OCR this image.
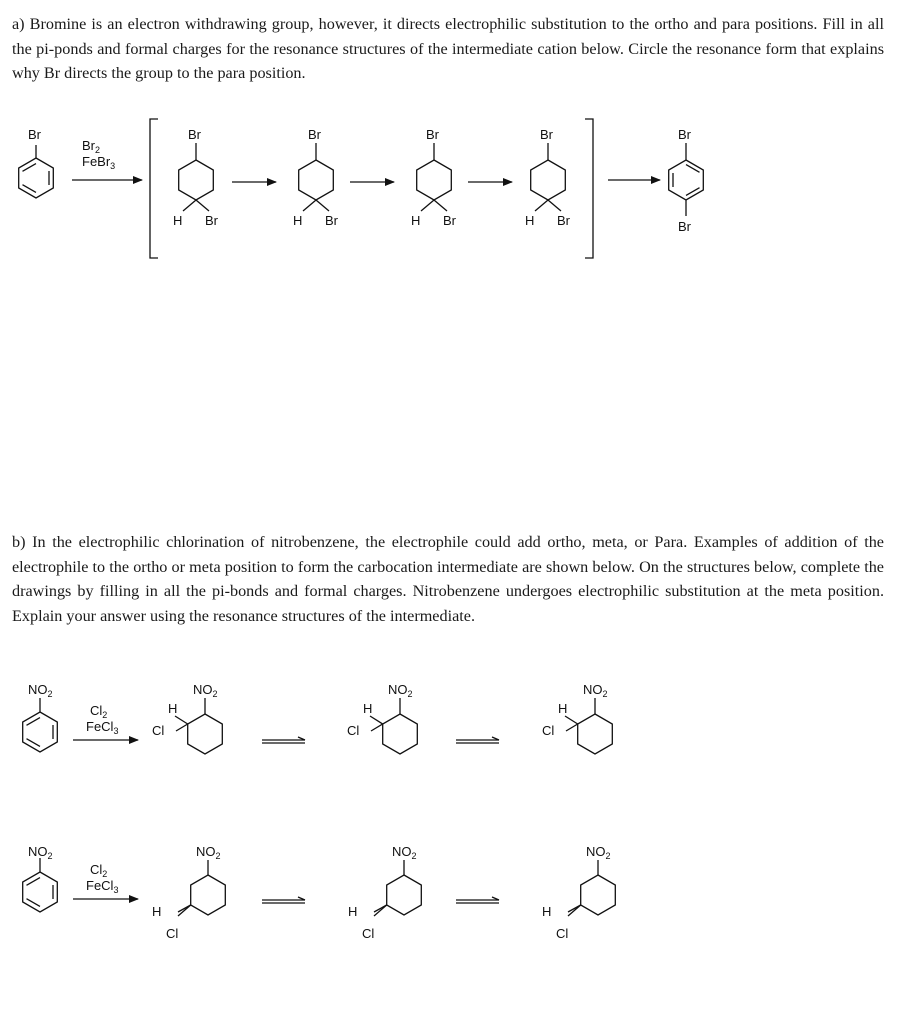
a) Bromine is an electron withdrawing group, however, it directs electrophilic substitution to the ortho and para positions. Fill in all the pi-ponds and formal charges for the resonance structures of the intermediate cation below. Circle the resonance form that explains why Br directs the group to the para position.
b) In the electrophilic chlorination of nitrobenzene, the electrophile could add ortho, meta, or Para. Examples of addition of the electrophile to the ortho or meta position to form the carbocation intermediate are shown below. On the structures below, complete the drawings by filling in all the pi-bonds and formal charges. Nitrobenzene undergoes electrophilic substitution at the meta position. Explain your answer using the resonance structures of the intermediate.
Br
$Br_2$
FeBr$_3$
Br
H Br
Br
H Br
Br
H Br
Br
H Br
Br
Br
$NO_2$
$Cl_2$
FeCl$_3$
$NO_2$
H
Cl
$NO_2$
H
Cl
$NO_2$
H
Cl
$NO_2$
$Cl_2$
FeCl$_3$
$NO_2$
H
Cl
$NO_2$
H
Cl
$NO_2$
H
Cl
